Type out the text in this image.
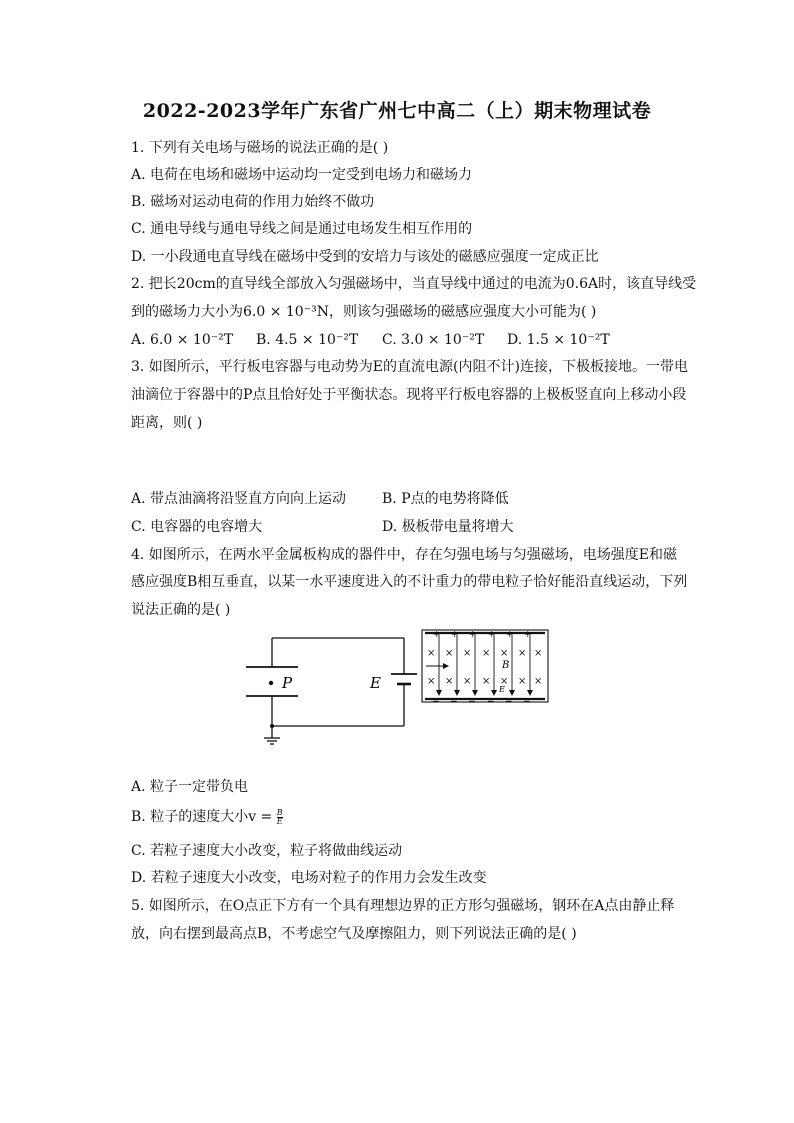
2022-2023学年广东省广州七中高二（上）期末物理试卷
1. 下列有关电场与磁场的说法正确的是( )
A. 电荷在电场和磁场中运动均一定受到电场力和磁场力
B. 磁场对运动电荷的作用力始终不做功
C. 通电导线与通电导线之间是通过电场发生相互作用的
D. 一小段通电直导线在磁场中受到的安培力与该处的磁感应强度一定成正比
2. 把长20cm的直导线全部放入匀强磁场中，当直导线中通过的电流为0.6A时，该直导线受
到的磁场力大小为6.0 × 10⁻³N，则该匀强磁场的磁感应强度大小可能为( )
A. 6.0 × 10⁻²T B. 4.5 × 10⁻²T C. 3.0 × 10⁻²T D. 1.5 × 10⁻²T
3. 如图所示，平行板电容器与电动势为E的直流电源(内阻不计)连接，下极板接地。一带电
油滴位于容器中的P点且恰好处于平衡状态。现将平行板电容器的上极板竖直向上移动小段
距离，则( )
A. 带点油滴将沿竖直方向向上运动	B. P点的电势将降低
C. 电容器的电容增大	D. 极板带电量将增大
4. 如图所示，在两水平金属板构成的器件中，存在匀强电场与匀强磁场，电场强度E和磁
感应强度B相互垂直，以某一水平速度进入的不计重力的带电粒子恰好能沿直线运动，下列
说法正确的是( )
P	E
+ + + + + +
− − − − − −
× × × × × × ×
× × × × × × ×
B
E
A. 粒子一定带负电
B. 粒子的速度大小$v = \frac{B}{E}$
C. 若粒子速度大小改变，粒子将做曲线运动
D. 若粒子速度大小改变，电场对粒子的作用力会发生改变
5. 如图所示，在O点正下方有一个具有理想边界的正方形匀强磁场，钢环在A点由静止释
放，向右摆到最高点B，不考虑空气及摩擦阻力，则下列说法正确的是( )
